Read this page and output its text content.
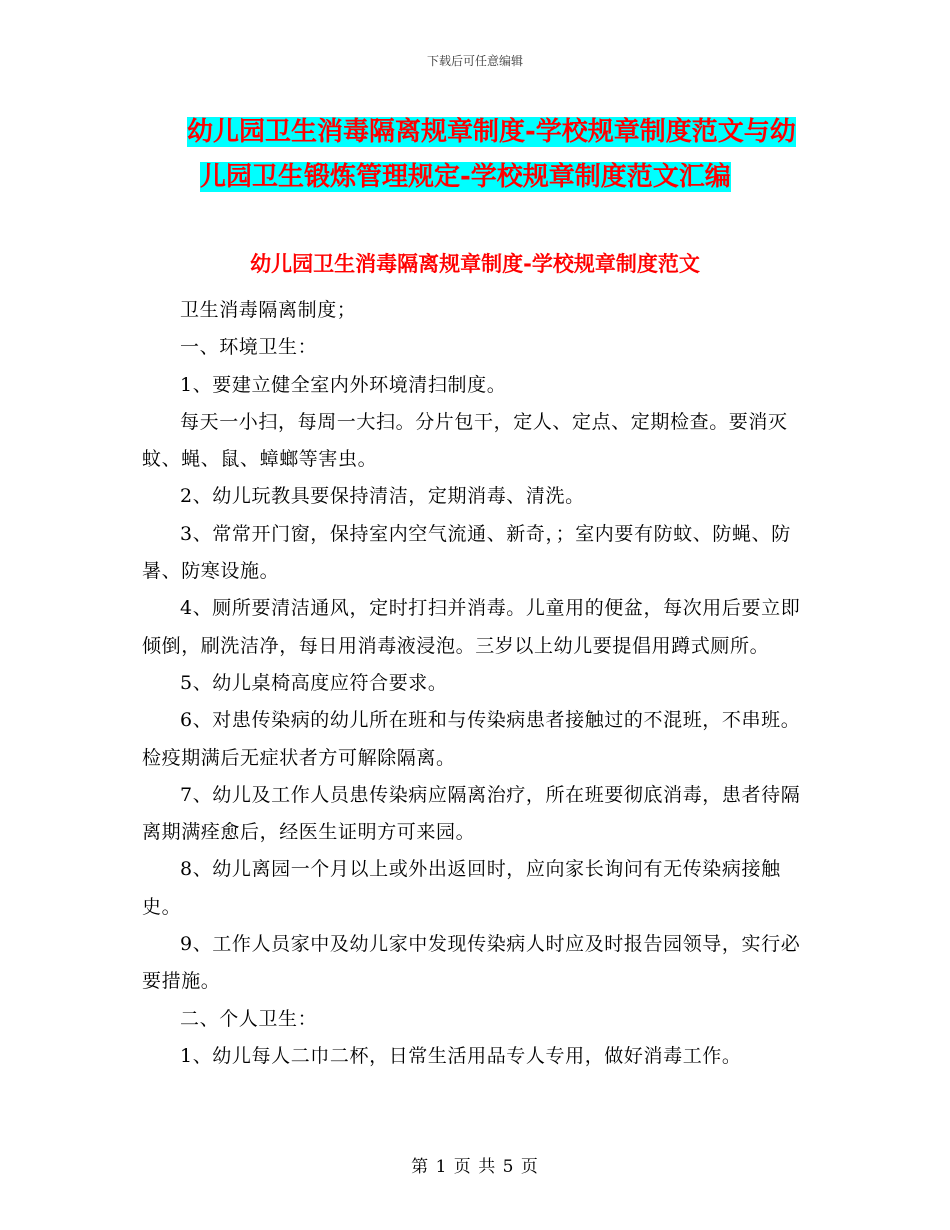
下载后可任意编辑
幼儿园卫生消毒隔离规章制度-学校规章制度范文与幼
儿园卫生锻炼管理规定-学校规章制度范文汇编
幼儿园卫生消毒隔离规章制度-学校规章制度范文

卫生消毒隔离制度；

一、环境卫生：

1、要建立健全室内外环境清扫制度。

每天一小扫，每周一大扫。分片包干，定人、定点、定期检查。要消灭蚊、蝇、鼠、蟑螂等害虫。

2、幼儿玩教具要保持清洁，定期消毒、清洗。

3、常常开门窗，保持室内空气流通、新奇，；室内要有防蚊、防蝇、防暑、防寒设施。

4、厕所要清洁通风，定时打扫并消毒。儿童用的便盆，每次用后要立即倾倒，刷洗洁净，每日用消毒液浸泡。三岁以上幼儿要提倡用蹲式厕所。

5、幼儿桌椅高度应符合要求。

6、对患传染病的幼儿所在班和与传染病患者接触过的不混班，不串班。检疫期满后无症状者方可解除隔离。

7、幼儿及工作人员患传染病应隔离治疗，所在班要彻底消毒，患者待隔离期满痊愈后，经医生证明方可来园。

8、幼儿离园一个月以上或外出返回时，应向家长询问有无传染病接触史。

9、工作人员家中及幼儿家中发现传染病人时应及时报告园领导，实行必要措施。

二、个人卫生：

1、幼儿每人二巾二杯，日常生活用品专人专用，做好消毒工作。

第 1 页 共 5 页
